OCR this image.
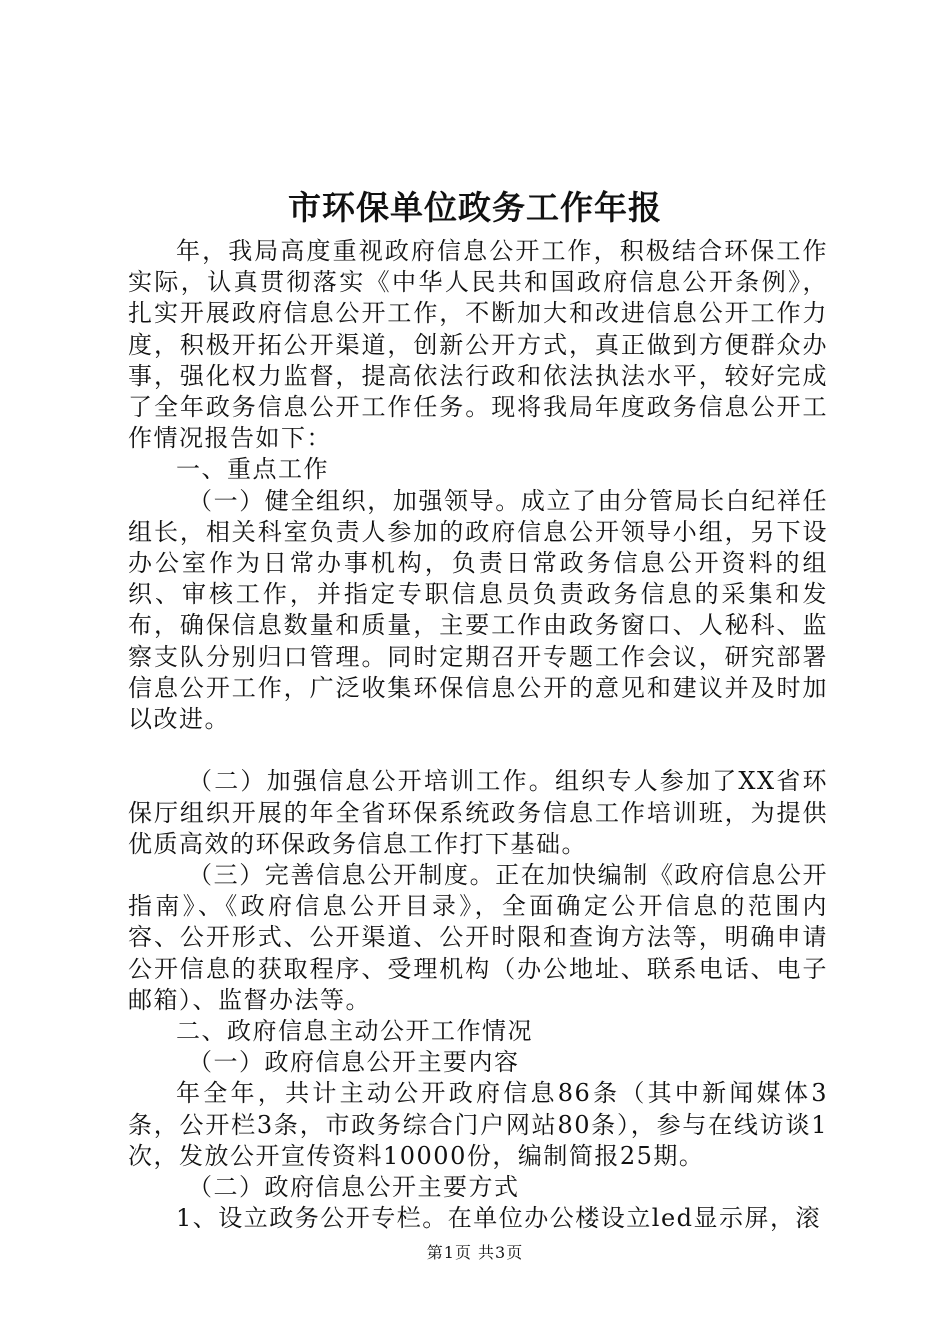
市环保单位政务工作年报

年，我局高度重视政府信息公开工作，积极结合环保工作实际，认真贯彻落实《中华人民共和国政府信息公开条例》，扎实开展政府信息公开工作，不断加大和改进信息公开工作力度，积极开拓公开渠道，创新公开方式，真正做到方便群众办事，强化权力监督，提高依法行政和依法执法水平，较好完成了全年政务信息公开工作任务。现将我局年度政务信息公开工作情况报告如下：

一、重点工作

（一）健全组织，加强领导。成立了由分管局长白纪祥任组长，相关科室负责人参加的政府信息公开领导小组，另下设办公室作为日常办事机构，负责日常政务信息公开资料的组织、审核工作，并指定专职信息员负责政务信息的采集和发布，确保信息数量和质量，主要工作由政务窗口、人秘科、监察支队分别归口管理。同时定期召开专题工作会议，研究部署信息公开工作，广泛收集环保信息公开的意见和建议并及时加以改进。

（二）加强信息公开培训工作。组织专人参加了XX省环保厅组织开展的年全省环保系统政务信息工作培训班，为提供优质高效的环保政务信息工作打下基础。

（三）完善信息公开制度。正在加快编制《政府信息公开指南》、《政府信息公开目录》，全面确定公开信息的范围内容、公开形式、公开渠道、公开时限和查询方法等，明确申请公开信息的获取程序、受理机构（办公地址、联系电话、电子邮箱）、监督办法等。

二、政府信息主动公开工作情况

（一）政府信息公开主要内容

年全年，共计主动公开政府信息86条（其中新闻媒体3条，公开栏3条，市政务综合门户网站80条），参与在线访谈1次，发放公开宣传资料10000份，编制简报25期。

（二）政府信息公开主要方式

1、设立政务公开专栏。在单位办公楼设立led显示屏，滚

第1页 共3页
